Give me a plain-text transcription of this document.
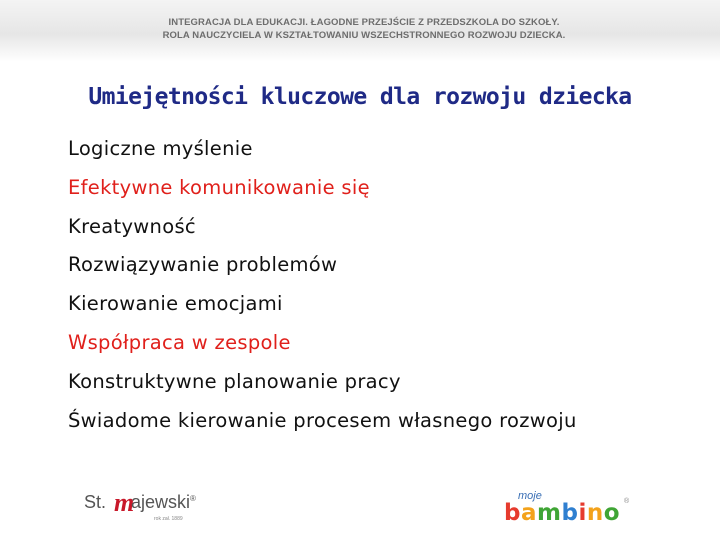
INTEGRACJA DLA EDUKACJI. ŁAGODNE PRZEJŚCIE Z PRZEDSZKOLA DO SZKOŁY.
ROLA NAUCZYCIELA W KSZTAŁTOWANIU WSZECHSTRONNEGO ROZWOJU DZIECKA.
Umiejętności kluczowe dla rozwoju dziecka
Logiczne myślenie
Efektywne komunikowanie się
Kreatywność
Rozwiązywanie problemów
Kierowanie emocjami
Współpraca w zespole
Konstruktywne planowanie pracy
Świadome kierowanie procesem własnego rozwoju
St. m
ajewski®
rok zał. 1889
moje
bambino ®
